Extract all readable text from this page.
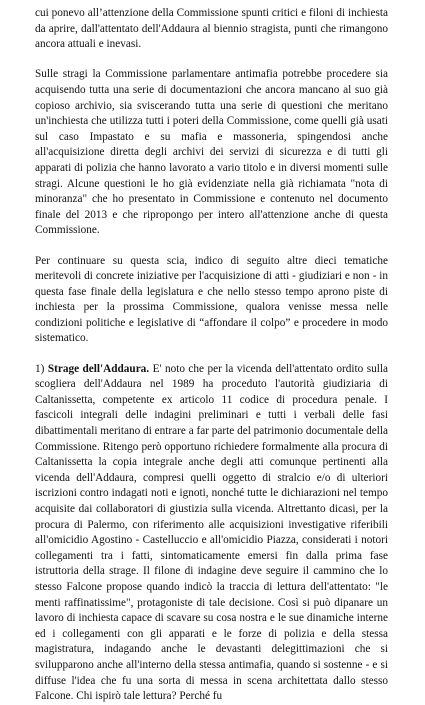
cui ponevo all’attenzione della Commissione spunti critici e filoni di inchiesta da aprire, dall'attentato dell'Addaura al biennio stragista, punti che rimangono ancora attuali e inevasi.

Sulle stragi la Commissione parlamentare antimafia potrebbe procedere sia acquisendo tutta una serie di documentazioni che ancora mancano al suo già copioso archivio, sia sviscerando tutta una serie di questioni che meritano un'inchiesta che utilizza tutti i poteri della Commissione, come quelli già usati sul caso Impastato e su mafia e massoneria, spingendosi anche all'acquisizione diretta degli archivi dei servizi di sicurezza e di tutti gli apparati di polizia che hanno lavorato a vario titolo e in diversi momenti sulle stragi. Alcune questioni le ho già evidenziate nella già richiamata "nota di minoranza" che ho presentato in Commissione e contenuto nel documento finale del 2013 e che ripropongo per intero all'attenzione anche di questa Commissione.

Per continuare su questa scia, indico di seguito altre dieci tematiche meritevoli di concrete iniziative per l'acquisizione di atti - giudiziari e non - in questa fase finale della legislatura e che nello stesso tempo aprono piste di inchiesta per la prossima Commissione, qualora venisse messa nelle condizioni politiche e legislative di “affondare il colpo” e procedere in modo sistematico.

1) Strage dell'Addaura. E' noto che per la vicenda dell'attentato ordito sulla scogliera dell'Addaura nel 1989 ha proceduto l'autorità giudiziaria di Caltanissetta, competente ex articolo 11 codice di procedura penale. I fascicoli integrali delle indagini preliminari e tutti i verbali delle fasi dibattimentali meritano di entrare a far parte del patrimonio documentale della Commissione. Ritengo però opportuno richiedere formalmente alla procura di Caltanissetta la copia integrale anche degli atti comunque pertinenti alla vicenda dell'Addaura, compresi quelli oggetto di stralcio e/o di ulteriori iscrizioni contro indagati noti e ignoti, nonché tutte le dichiarazioni nel tempo acquisite dai collaboratori di giustizia sulla vicenda. Altrettanto dicasi, per la procura di Palermo, con riferimento alle acquisizioni investigative riferibili all'omicidio Agostino - Castelluccio e all'omicidio Piazza, considerati i notori collegamenti tra i fatti, sintomaticamente emersi fin dalla prima fase istruttoria della strage. Il filone di indagine deve seguire il cammino che lo stesso Falcone propose quando indicò la traccia di lettura dell'attentato: "le menti raffinatissime", protagoniste di tale decisione. Così si può dipanare un lavoro di inchiesta capace di scavare su cosa nostra e le sue dinamiche interne ed i collegamenti con gli apparati e le forze di polizia e della stessa magistratura, indagando anche le devastanti delegittimazioni che si svilupparono anche all'interno della stessa antimafia, quando si sostenne - e si diffuse l'idea che fu una sorta di messa in scena architettata dallo stesso Falcone. Chi ispirò tale lettura? Perché fu
